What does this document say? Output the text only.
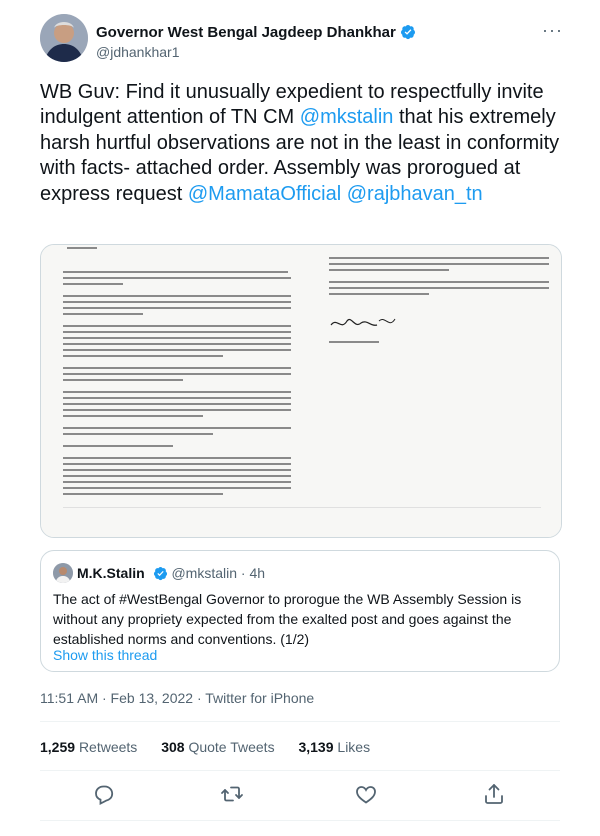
Governor West Bengal Jagdeep Dhankhar
@jdhankhar1
···
WB Guv: Find it unusually expedient to respectfully invite indulgent attention of TN CM @mkstalin that his extremely harsh hurtful observations are not in the least in conformity with facts- attached order. Assembly was prorogued at express request @MamataOfficial @rajbhavan_tn
M.K.Stalin @mkstalin · 4h
The act of #WestBengal Governor to prorogue the WB Assembly Session is without any propriety expected from the exalted post and goes against the established norms and conventions. (1/2)
Show this thread
11:51 AM · Feb 13, 2022 · Twitter for iPhone
1,259 Retweets 308 Quote Tweets 3,139 Likes
